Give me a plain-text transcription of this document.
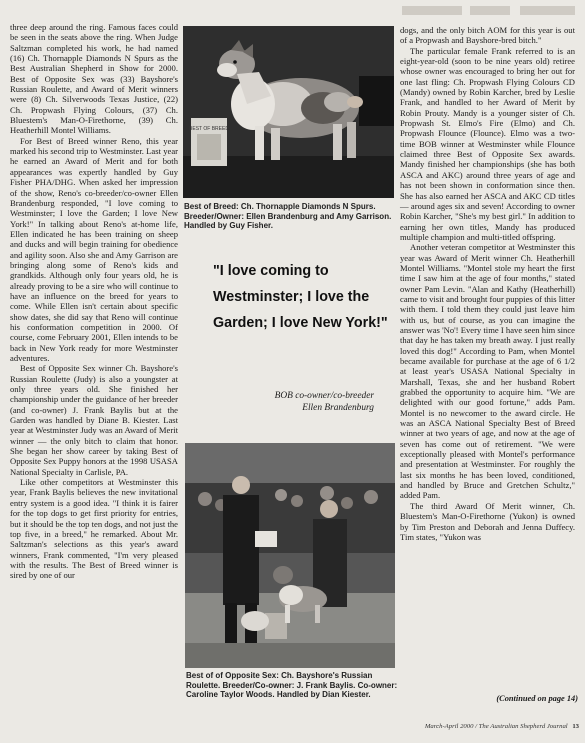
three deep around the ring. Famous faces could be seen in the seats above the ring. When Judge Saltzman completed his work, he had named (16) Ch. Thornapple Diamonds N Spurs as the Best Australian Shepherd in Show for 2000. Best of Opposite Sex was (33) Bayshore's Russian Roulette, and Award of Merit winners were (8) Ch. Silverwoods Texas Justice, (22) Ch. Propwash Flying Colours, (37) Ch. Bluestem's Man-O-Firethorne, (39) Ch. Heatherhill Montel Williams.

For Best of Breed winner Reno, this year marked his second trip to Westminster. Last year he earned an Award of Merit and for both appearances was expertly handled by Guy Fisher PHA/DHG. When asked her impression of the show, Reno's co-breeder/co-owner Ellen Brandenburg responded, "I love coming to Westminster; I love the Garden; I love New York!" In talking about Reno's at-home life, Ellen indicated he has been training on sheep and ducks and will begin training for obedience and agility soon. Also she and Amy Garrison are bringing along some of Reno's kids and grandkids. Although only four years old, he is already proving to be a sire who will continue to have an influence on the breed for years to come. While Ellen isn't certain about specific show dates, she did say that Reno will continue his conformation competition in 2000. Of course, come February 2001, Ellen intends to be back in New York ready for more Westminster adventures.

Best of Opposite Sex winner Ch. Bayshore's Russian Roulette (Judy) is also a youngster at only three years old. She finished her championship under the guidance of her breeder (and co-owner) J. Frank Baylis but at the Garden was handled by Diane B. Kiester. Last year at Westminster Judy was an Award of Merit winner — the only bitch to claim that honor. She began her show career by taking Best of Opposite Sex Puppy honors at the 1998 USASA National Specialty in Carlisle, PA.

Like other competitors at Westminster this year, Frank Baylis believes the new invitational entry system is a good idea. "I think it is fairer for the top dogs to get first priority for entries, but it should be the top ten dogs, and not just the top five, in a breed," he remarked. About Mr. Saltzman's selections as this year's award winners, Frank commented, "I'm very pleased with the results. The Best of Breed winner is sired by one of our

BEST OF BREED
Best of Breed: Ch. Thornapple Diamonds N Spurs. Breeder/Owner: Ellen Brandenburg and Amy Garrison. Handled by Guy Fisher.
"I love coming to Westminster; I love the Garden; I love New York!"
BOB co-owner/co-breeder
Ellen Brandenburg
Best of of Opposite Sex: Ch. Bayshore's Russian Roulette. Breeder/Co-owner: J. Frank Baylis. Co-owner: Caroline Taylor Woods. Handled by Dian Kiester.

dogs, and the only bitch AOM for this year is out of a Propwash and Bayshore-bred bitch."

The particular female Frank referred to is an eight-year-old (soon to be nine years old) retiree whose owner was encouraged to bring her out for one last fling: Ch. Propwash Flying Colours CD (Mandy) owned by Robin Karcher, bred by Leslie Frank, and handled to her Award of Merit by Robin Prouty. Mandy is a younger sister of Ch. Propwash St. Elmo's Fire (Elmo) and Ch. Propwash Flounce (Flounce). Elmo was a two-time BOB winner at Westminster while Flounce claimed three Best of Opposite Sex awards. Mandy finished her championships (she has both ASCA and AKC) around three years of age and has not been shown in conformation since then. She has also earned her ASCA and AKC CD titles — around ages six and seven! According to owner Robin Karcher, "She's my best girl." In addition to earning her own titles, Mandy has produced multiple champion and multi-titled offspring.

Another veteran competitor at Westminster this year was Award of Merit winner Ch. Heatherhill Montel Williams. "Montel stole my heart the first time I saw him at the age of four months," stated owner Pam Levin. "Alan and Kathy (Heatherhill) came to visit and brought four puppies of this litter with them. I told them they could just leave him with us, but of course, as you can imagine the answer was 'No'! Every time I have seen him since that day he has taken my breath away. I just really loved this dog!" According to Pam, when Montel became available for purchase at the age of 6 1/2 at least year's USASA National Specialty in Marshall, Texas, she and her husband Robert grabbed the opportunity to acquire him. "We are delighted with our good fortune," adds Pam. Montel is no newcomer to the award circle. He was an ASCA National Specialty Best of Breed winner at two years of age, and now at the age of seven has come out of retirement. "We were exceptionally pleased with Montel's performance and presentation at Westminster. For roughly the last six months he has been loved, conditioned, and handled by Bruce and Gretchen Schultz," added Pam.

The third Award Of Merit winner, Ch. Bluestem's Man-O-Firethorne (Yukon) is owned by Tim Preston and Deborah and Jenna Duffecy. Tim states, "Yukon was

(Continued on page 14)
March-April 2000 / The Australian Shepherd Journal 13
